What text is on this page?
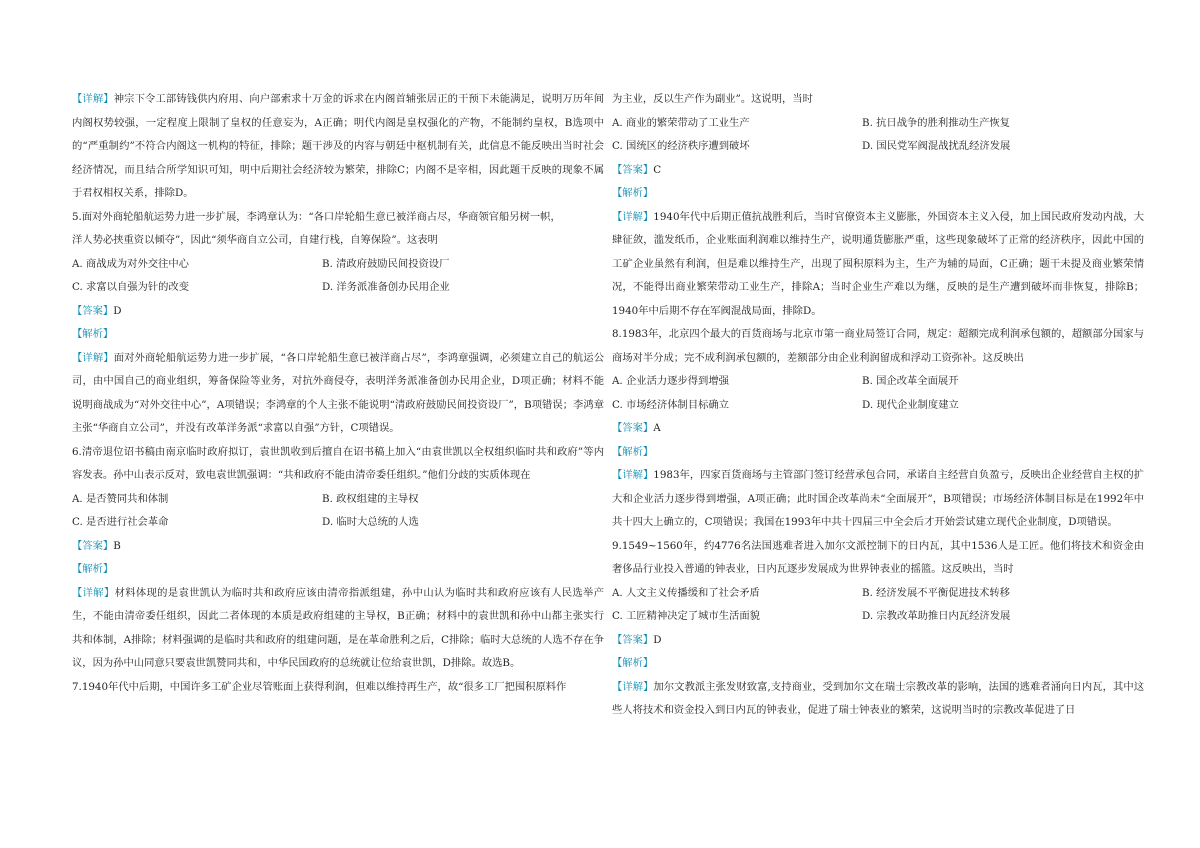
【详解】神宗下令工部铸钱供内府用、向户部索求十万金的诉求在内阁首辅张居正的干预下未能满足，说明万历年间内阁权势较强，一定程度上限制了皇权的任意妄为，A正确；明代内阁是皇权强化的产物，不能制约皇权，B选项中的“严重制约”不符合内阁这一机构的特征，排除；题干涉及的内容与朝廷中枢机制有关，此信息不能反映出当时社会经济情况，而且结合所学知识可知，明中后期社会经济较为繁荣，排除C；内阁不是宰相，因此题干反映的现象不属于君权相权关系，排除D。
5.面对外商轮船航运势力进一步扩展，李鸿章认为：“各口岸轮船生意已被洋商占尽，华商领官船另树一帜，
洋人势必挟重资以倾夺”，因此“须华商自立公司，自建行栈，自筹保险”。这表明
A. 商战成为对外交往中心	B. 清政府鼓励民间投资设厂
C. 求富以自强为针的改变	D. 洋务派准备创办民用企业
【答案】D
【解析】
【详解】面对外商轮船航运势力进一步扩展，“各口岸轮船生意已被洋商占尽”，李鸿章强调，必须建立自己的航运公司，由中国自己的商业组织，筹备保险等业务，对抗外商侵夺，表明洋务派准备创办民用企业，D项正确；材料不能说明商战成为“对外交往中心”，A项错误；李鸿章的个人主张不能说明“清政府鼓励民间投资设厂”，B项错误；李鸿章主张“华商自立公司”，并没有改革洋务派“求富以自强”方针，C项错误。
6.清帝退位诏书稿由南京临时政府拟订，袁世凯收到后擅自在诏书稿上加入“由袁世凯以全权组织临时共和政府”等内容发表。孙中山表示反对，致电袁世凯强调：“共和政府不能由清帝委任组织。”他们分歧的实质体现在
A. 是否赞同共和体制	B. 政权组建的主导权
C. 是否进行社会革命	D. 临时大总统的人选
【答案】B
【解析】
【详解】材料体现的是袁世凯认为临时共和政府应该由清帝指派组建，孙中山认为临时共和政府应该有人民选举产生，不能由清帝委任组织，因此二者体现的本质是政府组建的主导权，B正确；材料中的袁世凯和孙中山都主张实行共和体制，A排除；材料强调的是临时共和政府的组建问题，是在革命胜利之后，C排除；临时大总统的人选不存在争议，因为孙中山同意只要袁世凯赞同共和，中华民国政府的总统就让位给袁世凯，D排除。故选B。
7.1940年代中后期，中国许多工矿企业尽管账面上获得利润，但难以维持再生产，故“很多工厂把囤积原料作
为主业，反以生产作为副业”。这说明，当时
A. 商业的繁荣带动了工业生产	B. 抗日战争的胜利推动生产恢复
C. 国统区的经济秩序遭到破坏	D. 国民党军阀混战扰乱经济发展
【答案】C
【解析】
【详解】1940年代中后期正值抗战胜利后，当时官僚资本主义膨胀，外国资本主义入侵，加上国民政府发动内战，大肆征敛，滥发纸币，企业账面利润难以维持生产，说明通货膨胀严重，这些现象破坏了正常的经济秩序，因此中国的工矿企业虽然有利润，但是难以维持生产，出现了囤积原料为主，生产为辅的局面，C正确；题干未提及商业繁荣情况，不能得出商业繁荣带动工业生产，排除A；当时企业生产难以为继，反映的是生产遭到破坏而非恢复，排除B；1940年中后期不存在军阀混战局面，排除D。
8.1983年，北京四个最大的百货商场与北京市第一商业局签订合同，规定：超额完成利润承包额的，超额部分国家与商场对半分成；完不成利润承包额的，差额部分由企业利润留成和浮动工资弥补。这反映出
A. 企业活力逐步得到增强	B. 国企改革全面展开
C. 市场经济体制目标确立	D. 现代企业制度建立
【答案】A
【解析】
【详解】1983年，四家百货商场与主管部门签订经营承包合同，承诺自主经营自负盈亏，反映出企业经营自主权的扩大和企业活力逐步得到增强，A项正确；此时国企改革尚未“全面展开”，B项错误；市场经济体制目标是在1992年中共十四大上确立的，C项错误；我国在1993年中共十四届三中全会后才开始尝试建立现代企业制度，D项错误。
9.1549~1560年，约4776名法国逃难者进入加尔文派控制下的日内瓦，其中1536人是工匠。他们将技术和资金由奢侈品行业投入普通的钟表业，日内瓦逐步发展成为世界钟表业的摇篮。这反映出，当时
A. 人文主义传播缓和了社会矛盾	B. 经济发展不平衡促进技术转移
C. 工匠精神决定了城市生活面貌	D. 宗教改革助推日内瓦经济发展
【答案】D
【解析】
【详解】加尔文教派主张发财致富,支持商业，受到加尔文在瑞士宗教改革的影响，法国的逃难者涌向日内瓦，其中这些人将技术和资金投入到日内瓦的钟表业，促进了瑞士钟表业的繁荣，这说明当时的宗教改革促进了日
